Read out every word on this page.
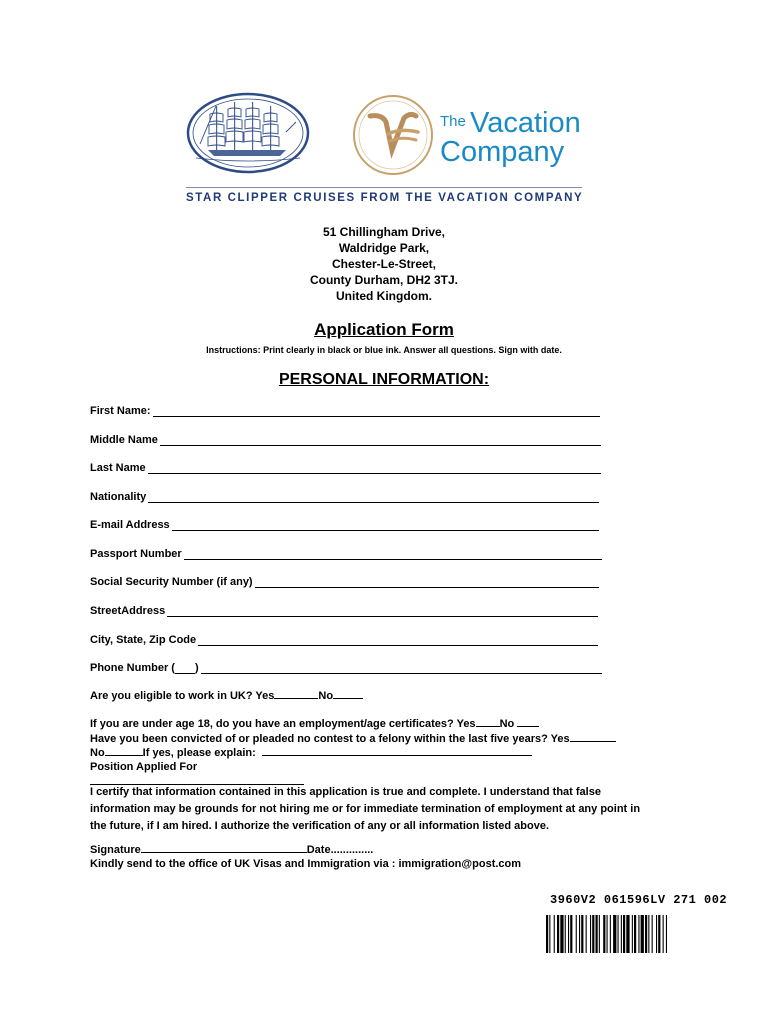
The Vacation
Company
STAR CLIPPER CRUISES FROM THE VACATION COMPANY
51 Chillingham Drive,
Waldridge Park,
Chester-Le-Street,
County Durham, DH2 3TJ.
United Kingdom.
Application Form
Instructions: Print clearly in black or blue ink. Answer all questions. Sign with date.
PERSONAL INFORMATION:
First Name:
Middle Name
Last Name
Nationality
E-mail Address
Passport Number
Social Security Number (if any)
StreetAddress
City, State, Zip Code
Phone Number ( )
Are you eligible to work in UK? Yes	No
If you are under age 18, do you have an employment/age certificates? Yes No
Have you been convicted of or pleaded no contest to a felony within the last five years? Yes
No	If yes, please explain:
Position Applied For
I certify that information contained in this application is true and complete. I understand that false
information may be grounds for not hiring me or for immediate termination of employment at any point in
the future, if I am hired. I authorize the verification of any or all information listed above.
Signature	Date..............
Kindly send to the office of UK Visas and Immigration via : immigration@post.com
3960V2 061596LV 271 002
